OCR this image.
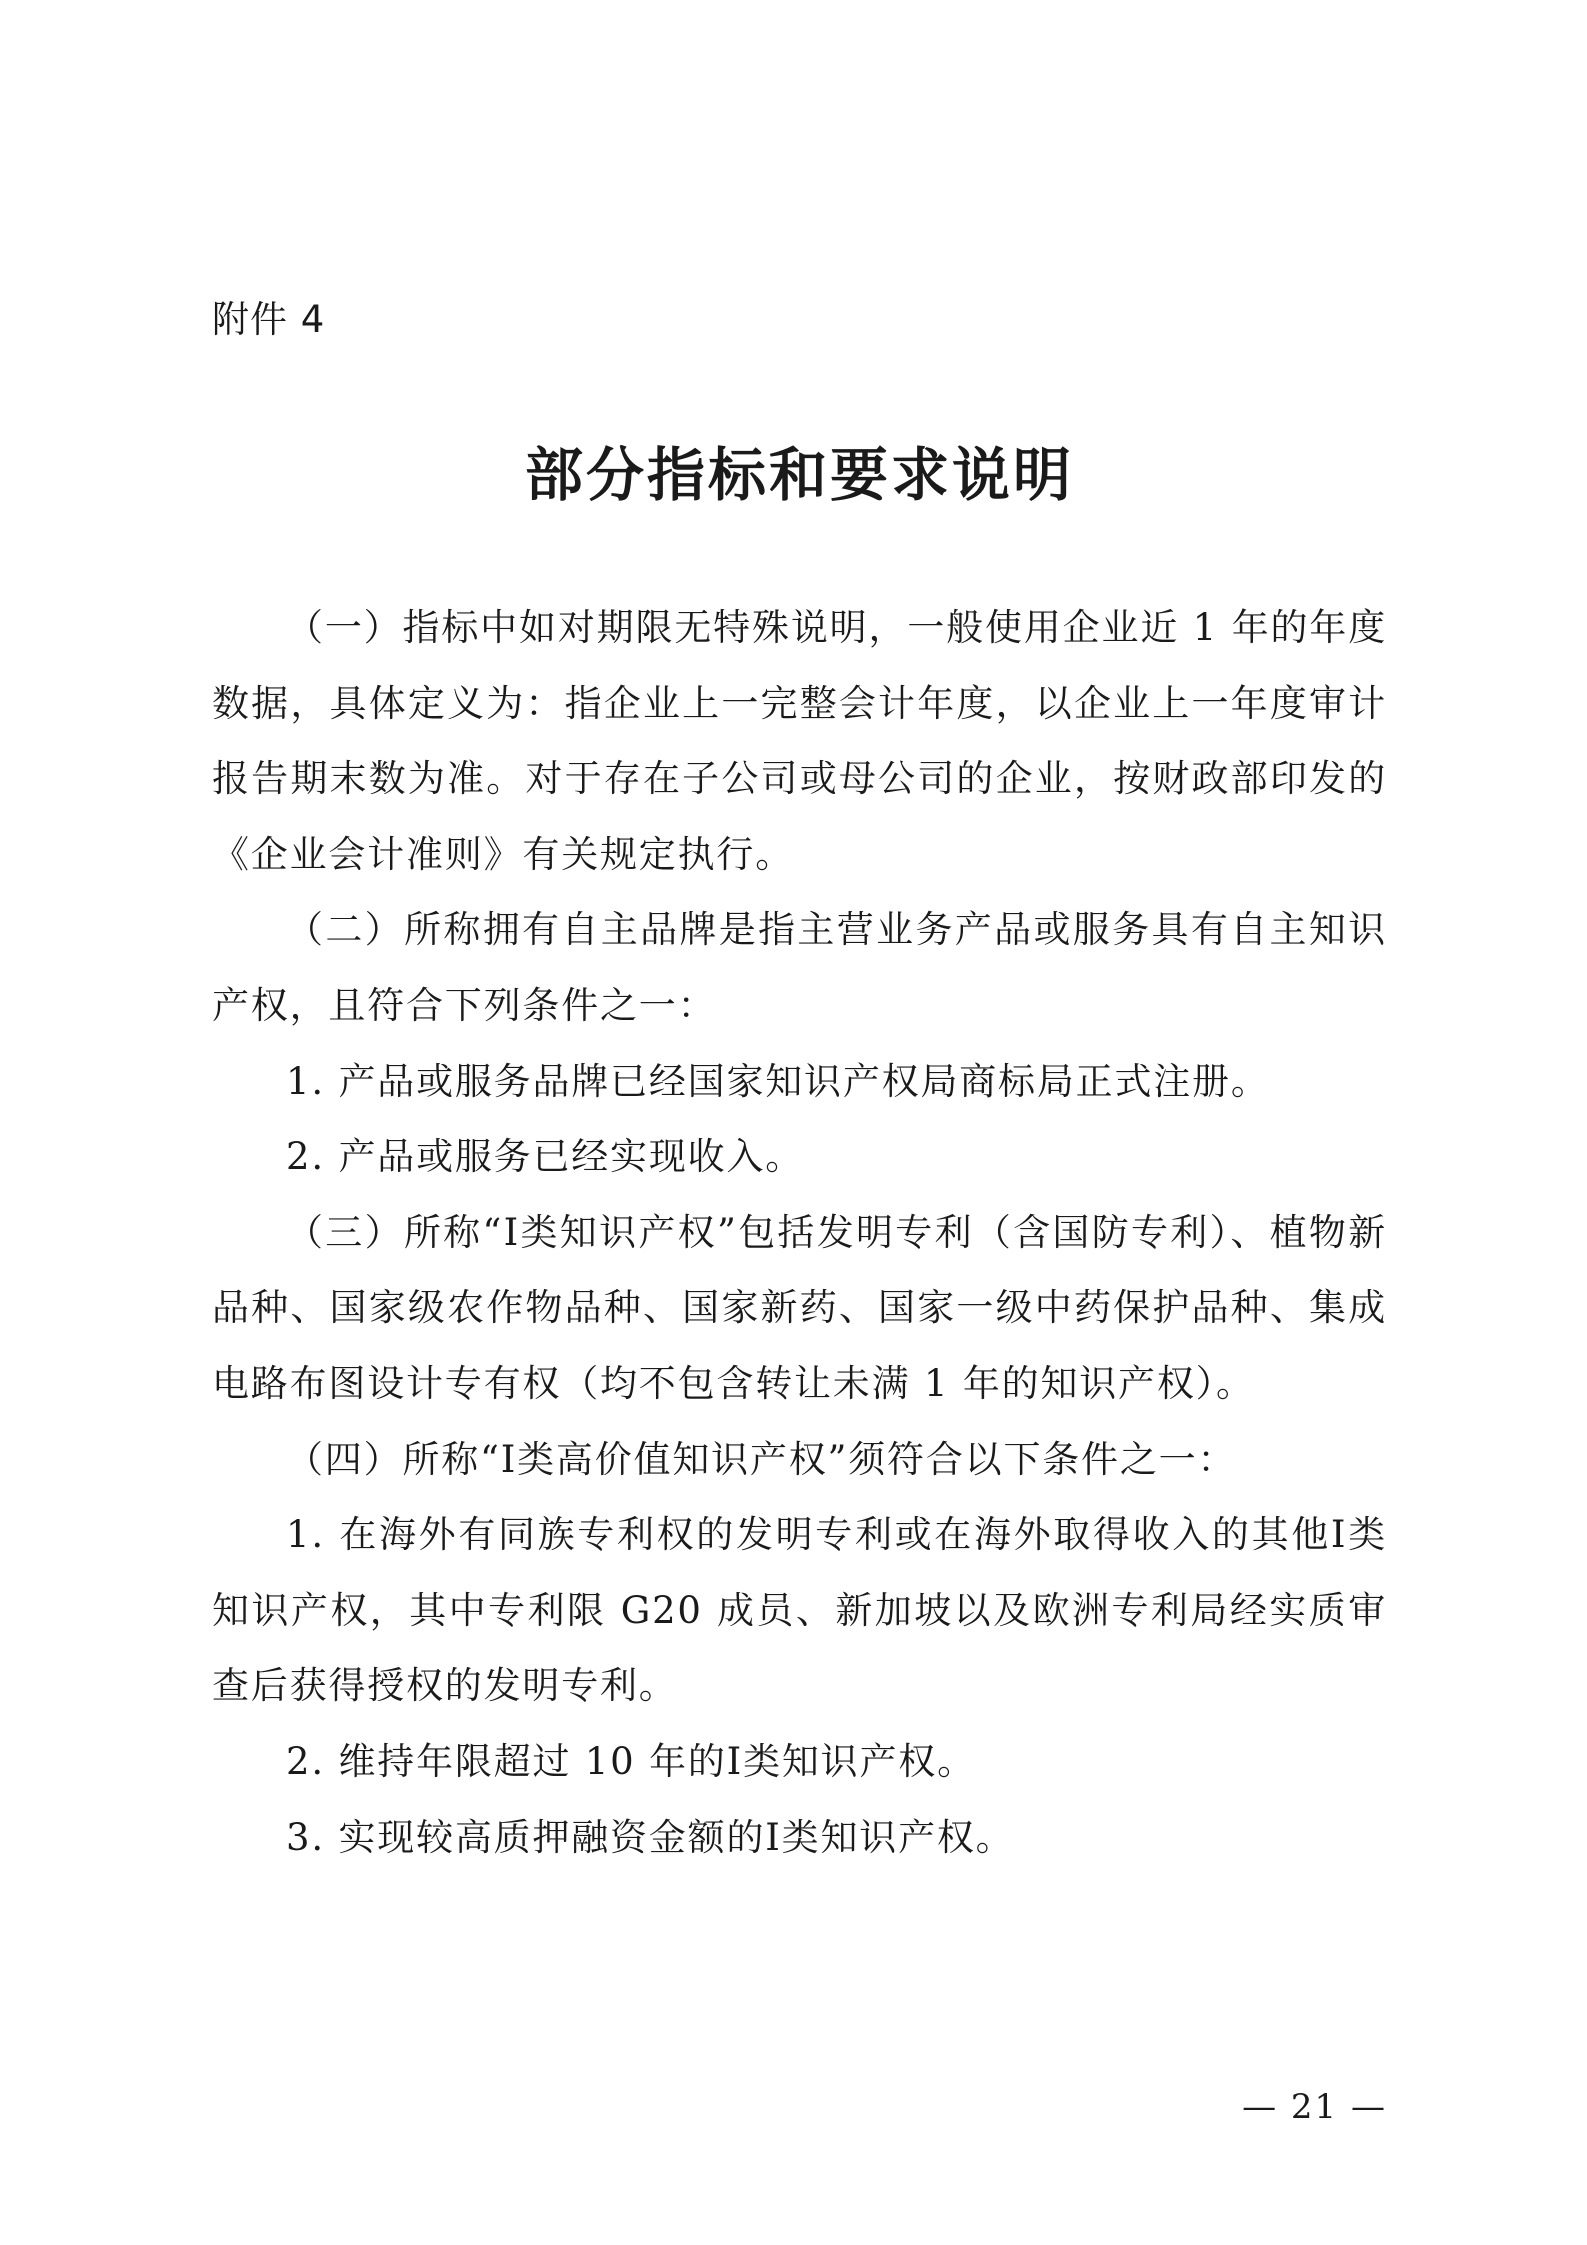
附件 4
部分指标和要求说明

（一）指标中如对期限无特殊说明，一般使用企业近 1 年的年度数据，具体定义为：指企业上一完整会计年度，以企业上一年度审计报告期末数为准。对于存在子公司或母公司的企业，按财政部印发的《企业会计准则》有关规定执行。

（二）所称拥有自主品牌是指主营业务产品或服务具有自主知识产权，且符合下列条件之一：

1. 产品或服务品牌已经国家知识产权局商标局正式注册。

2. 产品或服务已经实现收入。

（三）所称“Ⅰ类知识产权”包括发明专利（含国防专利）、植物新品种、国家级农作物品种、国家新药、国家一级中药保护品种、集成电路布图设计专有权（均不包含转让未满 1 年的知识产权）。

（四）所称“Ⅰ类高价值知识产权”须符合以下条件之一：

1. 在海外有同族专利权的发明专利或在海外取得收入的其他Ⅰ类知识产权，其中专利限 G20 成员、新加坡以及欧洲专利局经实质审查后获得授权的发明专利。

2. 维持年限超过 10 年的Ⅰ类知识产权。

3. 实现较高质押融资金额的Ⅰ类知识产权。

— 21 —
